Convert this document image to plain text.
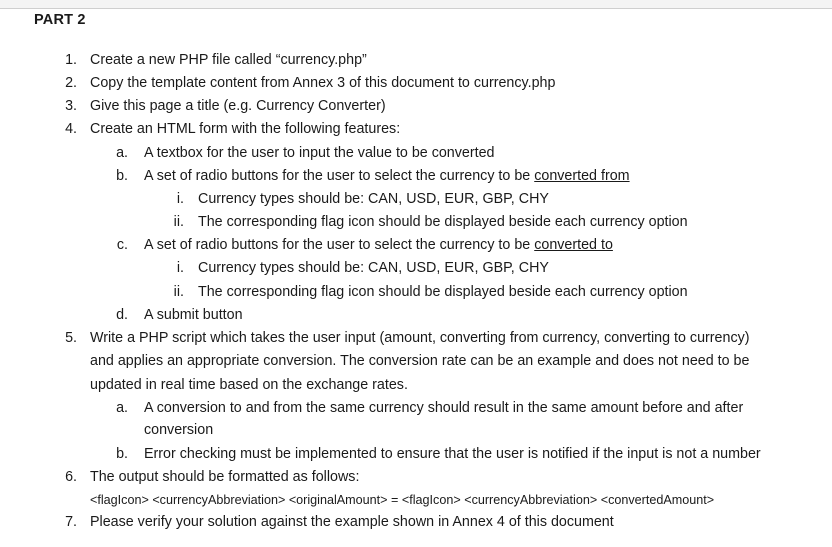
PART 2
1. Create a new PHP file called “currency.php”
2. Copy the template content from Annex 3 of this document to currency.php
3. Give this page a title (e.g. Currency Converter)
4. Create an HTML form with the following features:
a. A textbox for the user to input the value to be converted
b. A set of radio buttons for the user to select the currency to be converted from
i. Currency types should be: CAN, USD, EUR, GBP, CHY
ii. The corresponding flag icon should be displayed beside each currency option
c. A set of radio buttons for the user to select the currency to be converted to
i. Currency types should be: CAN, USD, EUR, GBP, CHY
ii. The corresponding flag icon should be displayed beside each currency option
d. A submit button
5. Write a PHP script which takes the user input (amount, converting from currency, converting to currency)
and applies an appropriate conversion. The conversion rate can be an example and does not need to be
updated in real time based on the exchange rates.
a. A conversion to and from the same currency should result in the same amount before and after
conversion
b. Error checking must be implemented to ensure that the user is notified if the input is not a number
6. The output should be formatted as follows:
<flagIcon> <currencyAbbreviation> <originalAmount> = <flagIcon> <currencyAbbreviation> <convertedAmount>
7. Please verify your solution against the example shown in Annex 4 of this document
